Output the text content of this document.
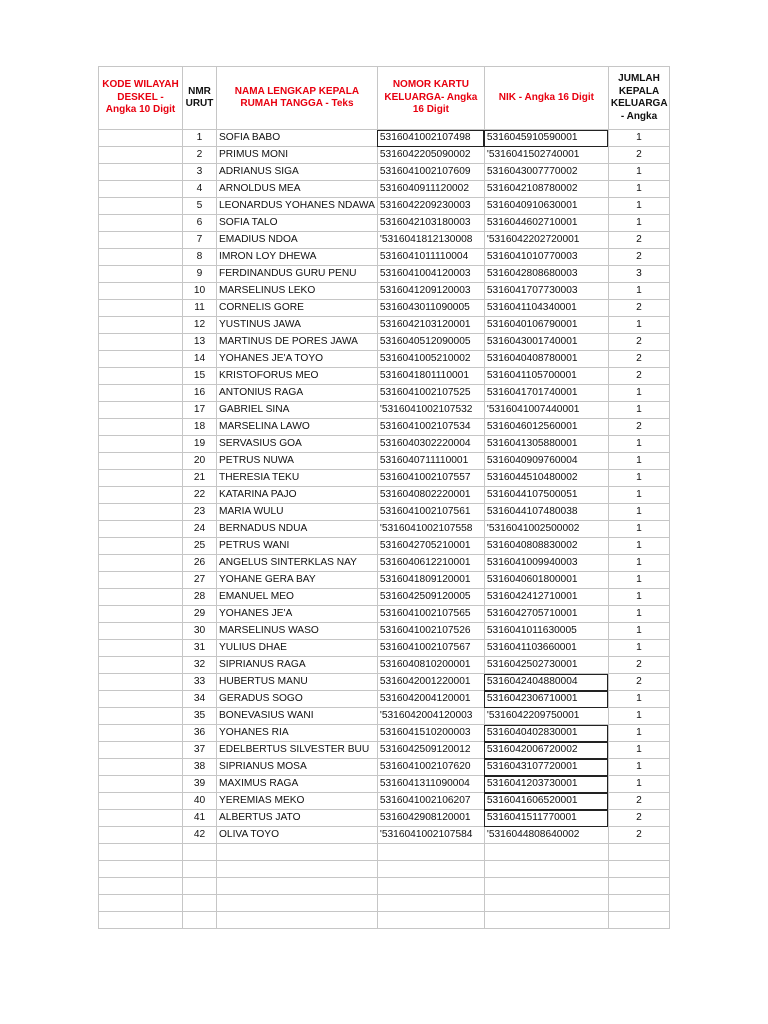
KODE WILAYAH DESKEL - Angka 10 Digit	NMR URUT	NAMA LENGKAP KEPALA RUMAH TANGGA - Teks	NOMOR KARTU KELUARGA- Angka 16 Digit	NIK - Angka 16 Digit	JUMLAH KEPALA KELUARGA - Angka
	1	SOFIA BABO	5316041002107498	5316045910590001	1
	2	PRIMUS MONI	5316042205090002	'5316041502740001	2
	3	ADRIANUS SIGA	5316041002107609	5316043007770002	1
	4	ARNOLDUS MEA	5316040911120002	5316042108780002	1
	5	LEONARDUS YOHANES NDAWA	5316042209230003	5316040910630001	1
	6	SOFIA TALO	5316042103180003	5316044602710001	1
	7	EMADIUS NDOA	'5316041812130008	'5316042202720001	2
	8	IMRON LOY DHEWA	5316041011110004	5316041010770003	2
	9	FERDINANDUS GURU PENU	5316041004120003	5316042808680003	3
	10	MARSELINUS LEKO	5316041209120003	5316041707730003	1
	11	CORNELIS GORE	5316043011090005	5316041104340001	2
	12	YUSTINUS JAWA	5316042103120001	5316040106790001	1
	13	MARTINUS DE PORES JAWA	5316040512090005	5316043001740001	2
	14	YOHANES JE'A TOYO	5316041005210002	5316040408780001	2
	15	KRISTOFORUS MEO	5316041801110001	5316041105700001	2
	16	ANTONIUS RAGA	5316041002107525	5316041701740001	1
	17	GABRIEL SINA	'5316041002107532	'5316041007440001	1
	18	MARSELINA LAWO	5316041002107534	5316046012560001	2
	19	SERVASIUS GOA	5316040302220004	5316041305880001	1
	20	PETRUS NUWA	5316040711110001	5316040909760004	1
	21	THERESIA TEKU	5316041002107557	5316044510480002	1
	22	KATARINA PAJO	5316040802220001	5316044107500051	1
	23	MARIA WULU	5316041002107561	5316044107480038	1
	24	BERNADUS NDUA	'5316041002107558	'5316041002500002	1
	25	PETRUS WANI	5316042705210001	5316040808830002	1
	26	ANGELUS SINTERKLAS NAY	5316040612210001	5316041009940003	1
	27	YOHANE GERA BAY	5316041809120001	5316040601800001	1
	28	EMANUEL MEO	5316042509120005	5316042412710001	1
	29	YOHANES JE'A	5316041002107565	5316042705710001	1
	30	MARSELINUS WASO	5316041002107526	5316041011630005	1
	31	YULIUS DHAE	5316041002107567	5316041103660001	1
	32	SIPRIANUS RAGA	5316040810200001	5316042502730001	2
	33	HUBERTUS MANU	5316042001220001	5316042404880004	2
	34	GERADUS SOGO	5316042004120001	5316042306710001	1
	35	BONEVASIUS WANI	'5316042004120003	'5316042209750001	1
	36	YOHANES RIA	5316041510200003	5316040402830001	1
	37	EDELBERTUS SILVESTER BUU	5316042509120012	5316042006720002	1
	38	SIPRIANUS MOSA	5316041002107620	5316043107720001	1
	39	MAXIMUS RAGA	5316041311090004	5316041203730001	1
	40	YEREMIAS MEKO	5316041002106207	5316041606520001	2
	41	ALBERTUS JATO	5316042908120001	5316041511770001	2
	42	OLIVA TOYO	'5316041002107584	'5316044808640002	2
